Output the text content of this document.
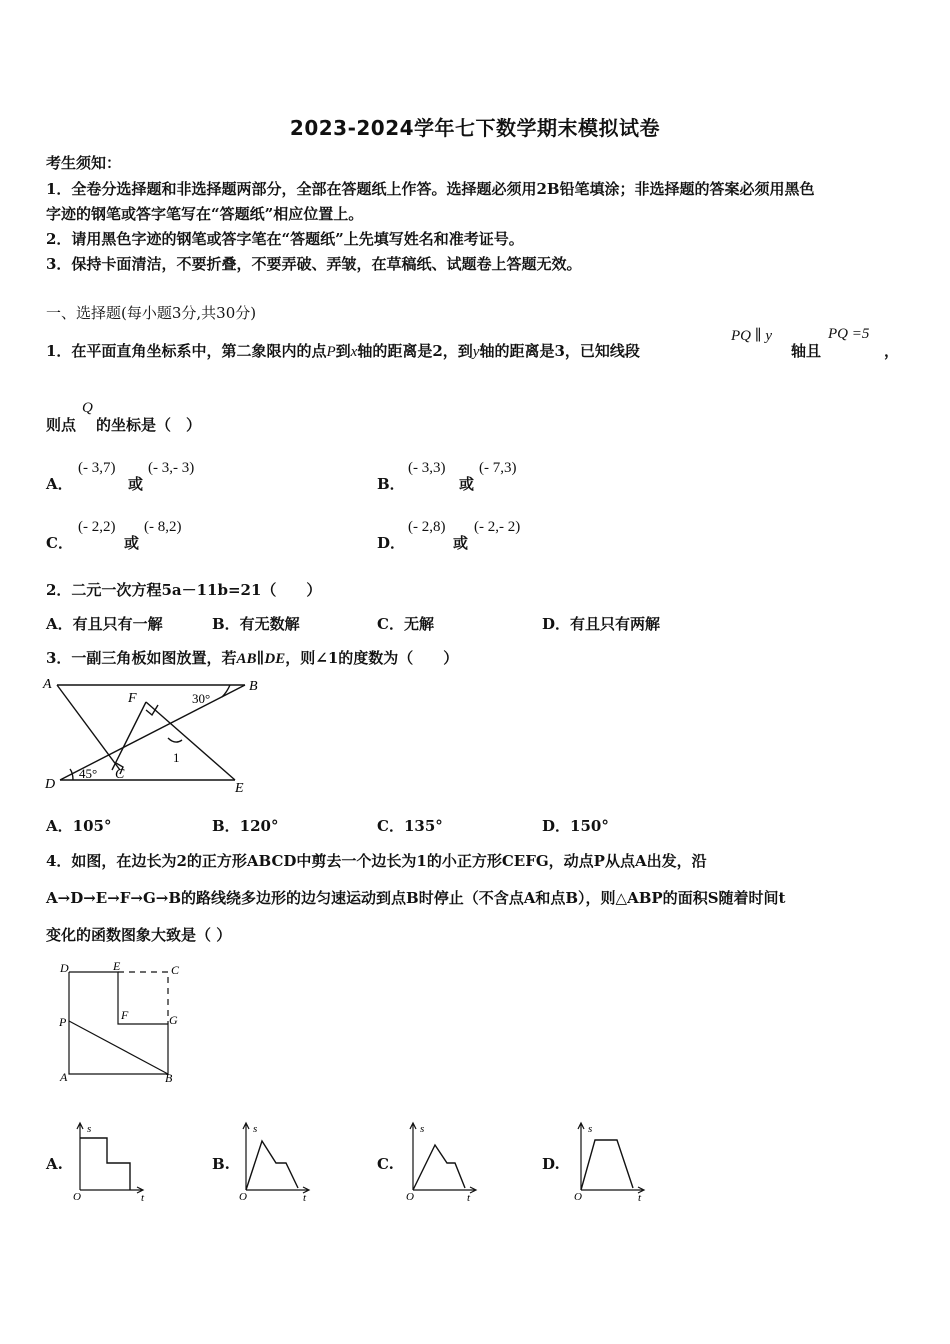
2023-2024学年七下数学期末模拟试卷
考生须知：
1．全卷分选择题和非选择题两部分，全部在答题纸上作答。选择题必须用2B铅笔填涂；非选择题的答案必须用黑色
字迹的钢笔或答字笔写在“答题纸”相应位置上。
2．请用黑色字迹的钢笔或答字笔在“答题纸”上先填写姓名和准考证号。
3．保持卡面清洁，不要折叠，不要弄破、弄皱，在草稿纸、试题卷上答题无效。
一、选择题(每小题3分,共30分)
1．在平面直角坐标系中，第二象限内的点P到x轴的距离是2，到y轴的距离是3，已知线段
PQ ∥ y
轴且
PQ =5
，
则点 的坐标是（　）
Q
A．
(- 3,7)
或
(- 3,- 3)
B．
(- 3,3)
或
(- 7,3)
C．
(- 2,2)
或
(- 8,2)
D．
(- 2,8)
或
(- 2,- 2)
2．二元一次方程5a－11b=21（　　）
A．有且只有一解	B．有无数解	C．无解	D．有且只有两解
3．一副三角板如图放置，若AB∥DE，则∠1的度数为（　　）
A	B
C
D	E
F	30°
45°
1
A．105°	B．120°	C．135°	D．150°
4．如图，在边长为2的正方形ABCD中剪去一个边长为1的小正方形CEFG，动点P从点A出发，沿
A→D→E→F→G→B的路线绕多边形的边匀速运动到点B时停止（不含点A和点B），则△ABP的面积S随着时间t
变化的函数图象大致是（ ）
D	E	C
F	G
P
A	B
A.
s
O	t
B.
s
O	t
C.
s
O	t
D.
s
O	t
